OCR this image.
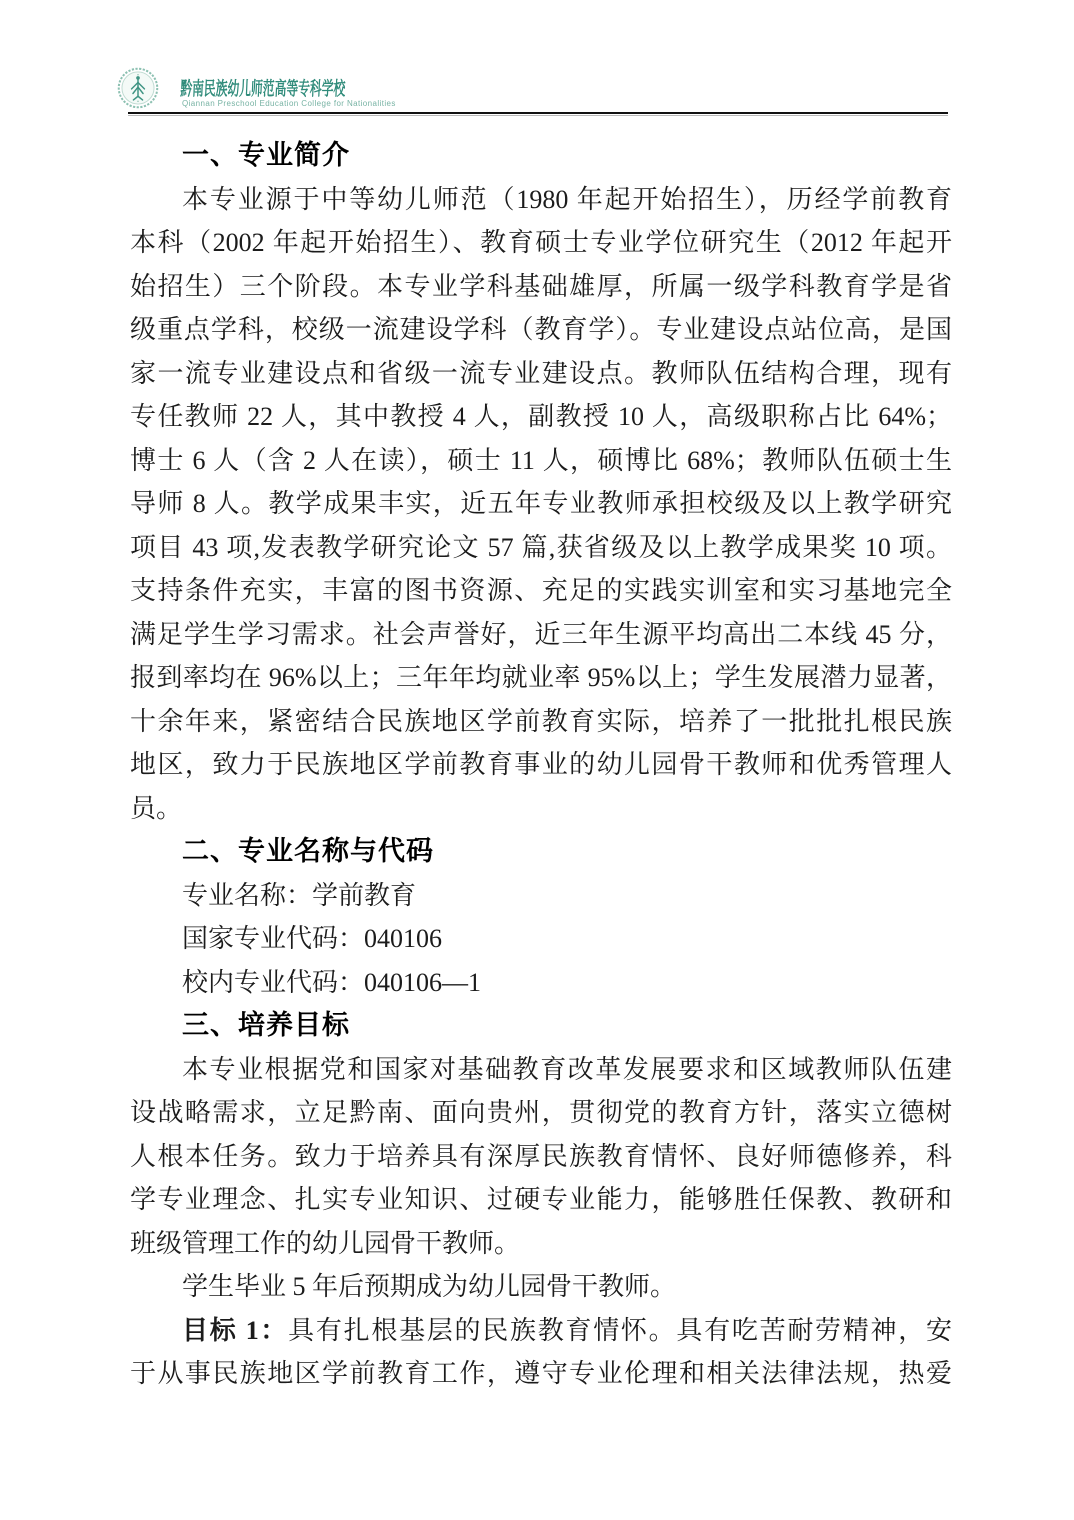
黔南民族幼儿师范高等专科学校
Qiannan Preschool Education College for Nationalities
一、专业简介
本专业源于中等幼儿师范（1980 年起开始招生），历经学前教育
本科（2002 年起开始招生）、教育硕士专业学位研究生（2012 年起开
始招生）三个阶段。本专业学科基础雄厚，所属一级学科教育学是省
级重点学科，校级一流建设学科（教育学）。专业建设点站位高，是国
家一流专业建设点和省级一流专业建设点。教师队伍结构合理，现有
专任教师 22 人，其中教授 4 人，副教授 10 人，高级职称占比 64%；
博士 6 人（含 2 人在读），硕士 11 人，硕博比 68%；教师队伍硕士生
导师 8 人。教学成果丰实，近五年专业教师承担校级及以上教学研究
项目 43 项,发表教学研究论文 57 篇,获省级及以上教学成果奖 10 项。
支持条件充实，丰富的图书资源、充足的实践实训室和实习基地完全
满足学生学习需求。社会声誉好，近三年生源平均高出二本线 45 分，
报到率均在 96%以上；三年年均就业率 95%以上；学生发展潜力显著，
十余年来，紧密结合民族地区学前教育实际，培养了一批批扎根民族
地区，致力于民族地区学前教育事业的幼儿园骨干教师和优秀管理人
员。
二、专业名称与代码
专业名称：学前教育
国家专业代码：040106
校内专业代码：040106—1
三、培养目标
本专业根据党和国家对基础教育改革发展要求和区域教师队伍建
设战略需求，立足黔南、面向贵州，贯彻党的教育方针，落实立德树
人根本任务。致力于培养具有深厚民族教育情怀、良好师德修养，科
学专业理念、扎实专业知识、过硬专业能力，能够胜任保教、教研和
班级管理工作的幼儿园骨干教师。
学生毕业 5 年后预期成为幼儿园骨干教师。
目标 1：具有扎根基层的民族教育情怀。具有吃苦耐劳精神，安
于从事民族地区学前教育工作，遵守专业伦理和相关法律法规，热爱
